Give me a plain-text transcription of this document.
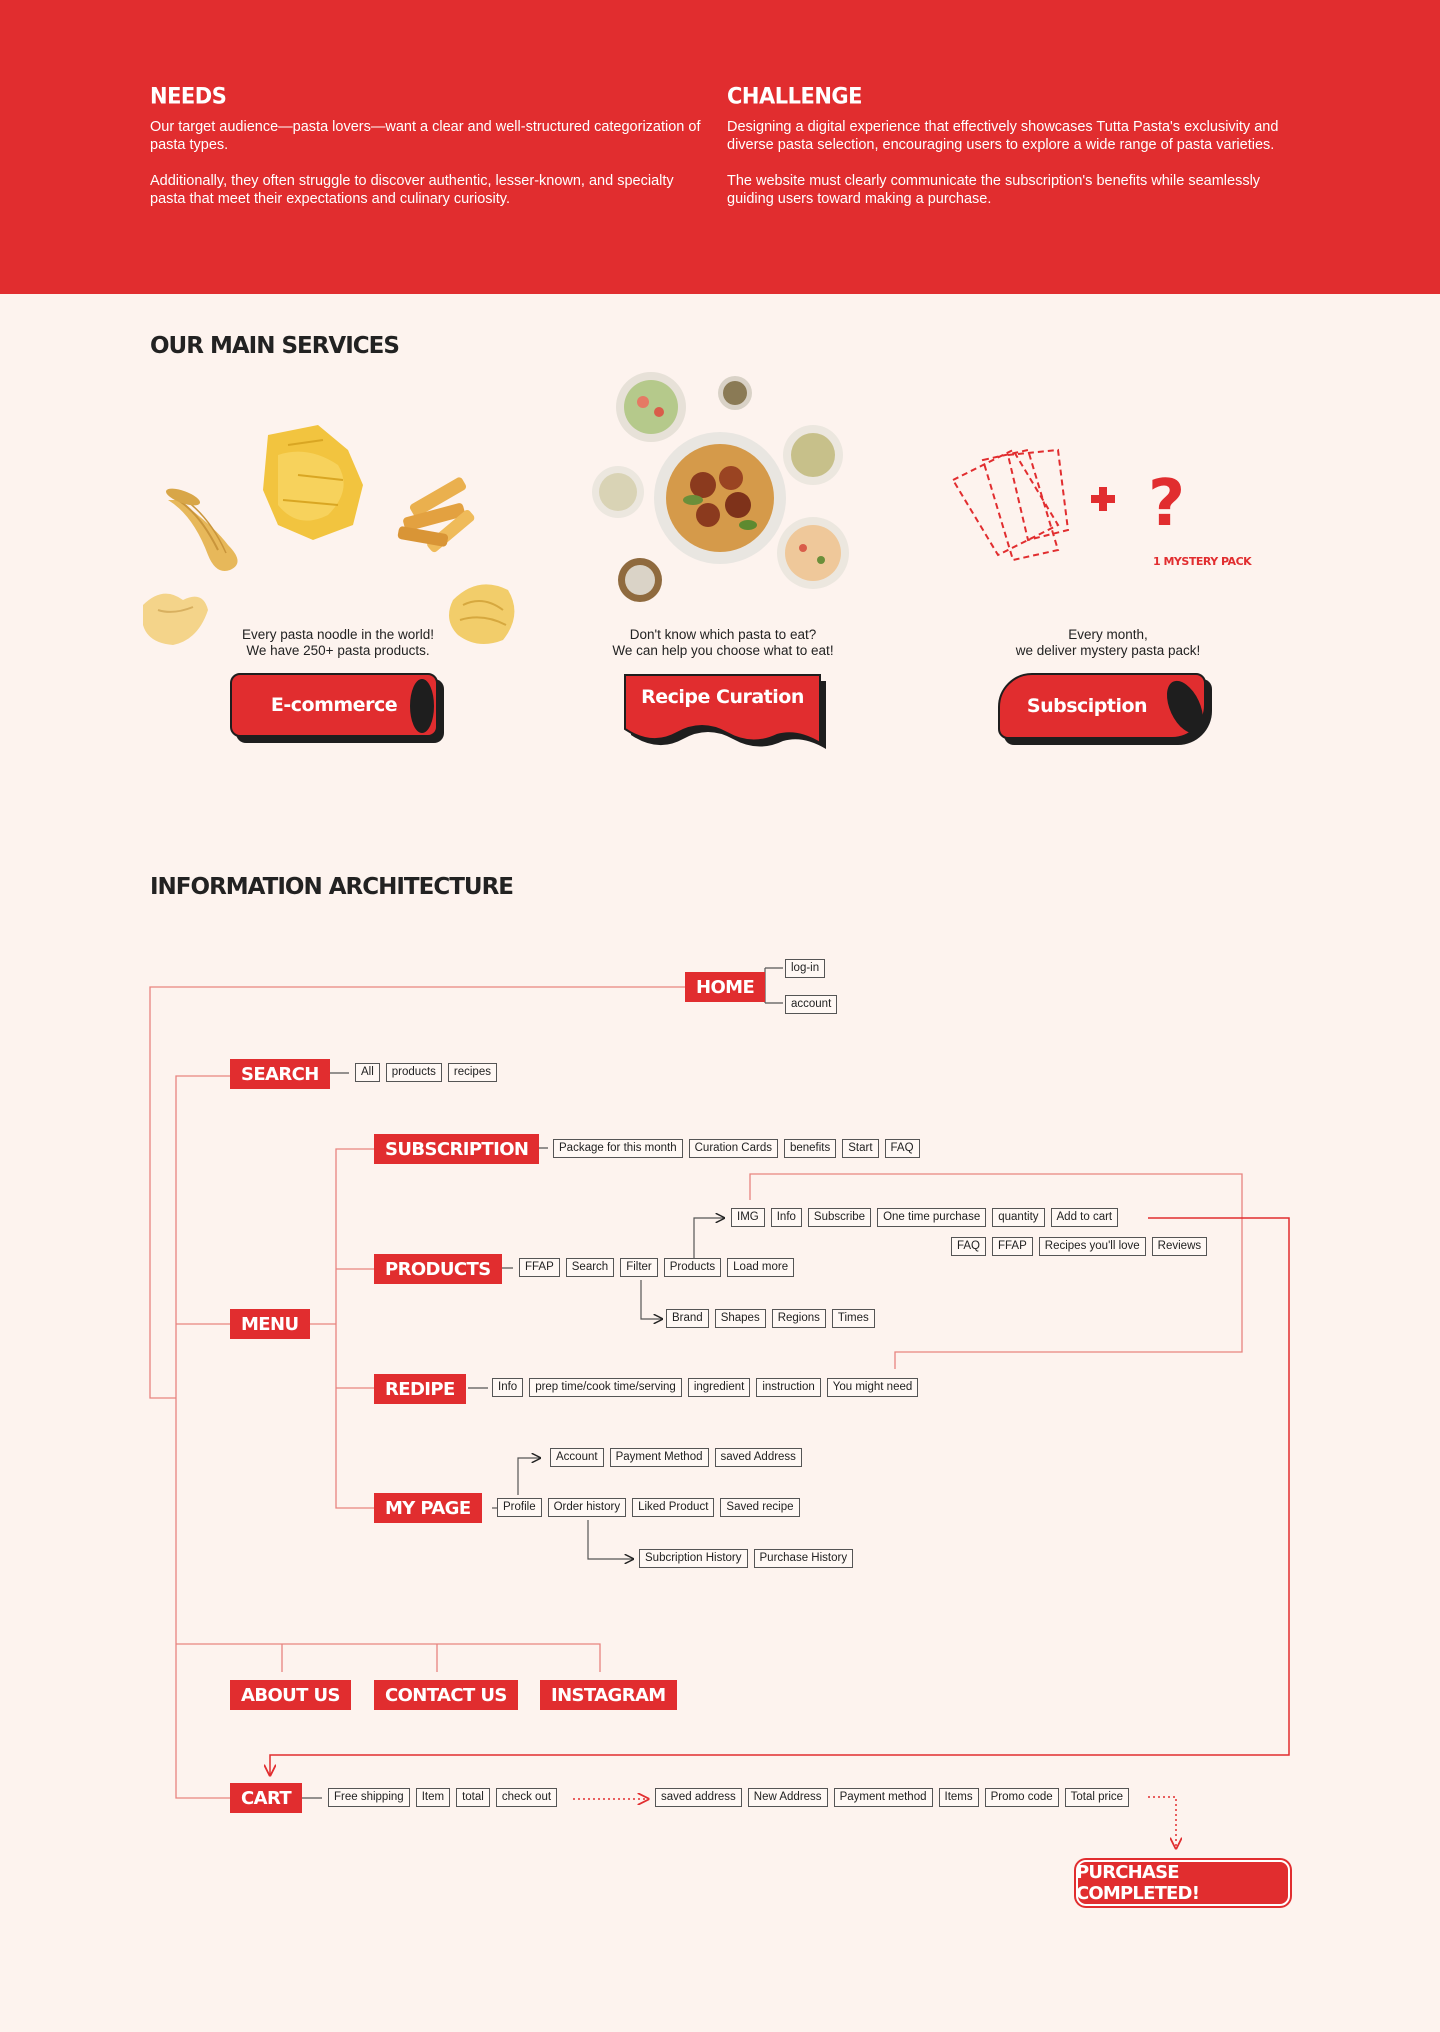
NEEDS

Our target audience—pasta lovers—want a clear and well-structured categorization of pasta types.

Additionally, they often struggle to discover authentic, lesser-known, and specialty pasta that meet their expectations and culinary curiosity.

CHALLENGE

Designing a digital experience that effectively showcases Tutta Pasta's exclusivity and diverse pasta selection, encouraging users to explore a wide range of pasta varieties.

The website must clearly communicate the subscription's benefits while seamlessly guiding users toward making a purchase.

OUR MAIN SERVICES
Every pasta noodle in the world!
We have 250+ pasta products.
E-commerce
Don't know which pasta to eat?
We can help you choose what to eat!
Recipe Curation
?
1 MYSTERY PACK
Every month,
we deliver mystery pasta pack!
Subsciption
INFORMATION ARCHITECTURE
HOME
log-in
account
SEARCH	All	products	recipes
MENU
SUBSCRIPTION	Package for this month	Curation Cards	benefits	Start	FAQ
PRODUCTS	FFAP	Search	Filter	Products	Load more
IMG	Info	Subscribe	One time purchase	quantity	Add to cart
FAQ	FFAP	Recipes you'll love	Reviews
Brand	Shapes	Regions	Times
REDIPE	Info	prep time/cook time/serving	ingredient	instruction	You might need
MY PAGE	Profile	Order history	Liked Product	Saved recipe
Account	Payment Method	saved Address
Subcription History	Purchase History
ABOUT US	CONTACT US	INSTAGRAM
CART	Free shipping	Item	total	check out	saved address	New Address	Payment method	Items	Promo code	Total price
PURCHASE COMPLETED!
